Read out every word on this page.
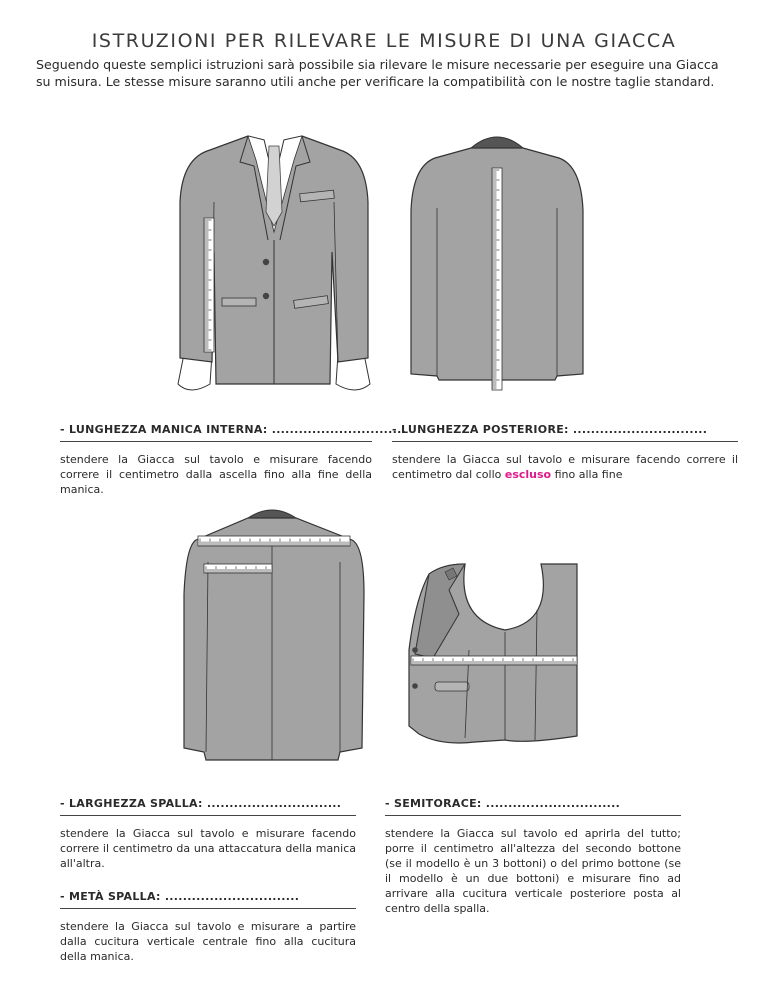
ISTRUZIONI PER RILEVARE LE MISURE DI UNA GIACCA
Seguendo queste semplici istruzioni sarà possibile sia rilevare le misure necessarie per eseguire una Giacca su misura. Le stesse misure saranno utili anche per verificare la compatibilità con le nostre taglie standard.
- LUNGHEZZA MANICA INTERNA: ..............................
stendere la Giacca sul tavolo e misurare facendo correre il centimetro dalla ascella fino alla fine della manica.
- LUNGHEZZA POSTERIORE: ..............................
stendere la Giacca sul tavolo e misurare facendo correre il centimetro dal collo escluso fino alla fine
- LARGHEZZA SPALLA: ..............................
stendere la Giacca sul tavolo e misurare facendo correre il centimetro da una attaccatura della manica all'altra.
- METÀ SPALLA: ..............................
stendere la Giacca sul tavolo e misurare a partire dalla cucitura verticale centrale fino alla cucitura della manica.
- SEMITORACE: ..............................
stendere la Giacca sul tavolo ed aprirla del tutto; porre il centimetro all'altezza del secondo bottone (se il modello è un 3 bottoni) o del primo bottone (se il modello è un due bottoni) e misurare fino ad arrivare alla cucitura verticale posteriore posta al centro della spalla.
